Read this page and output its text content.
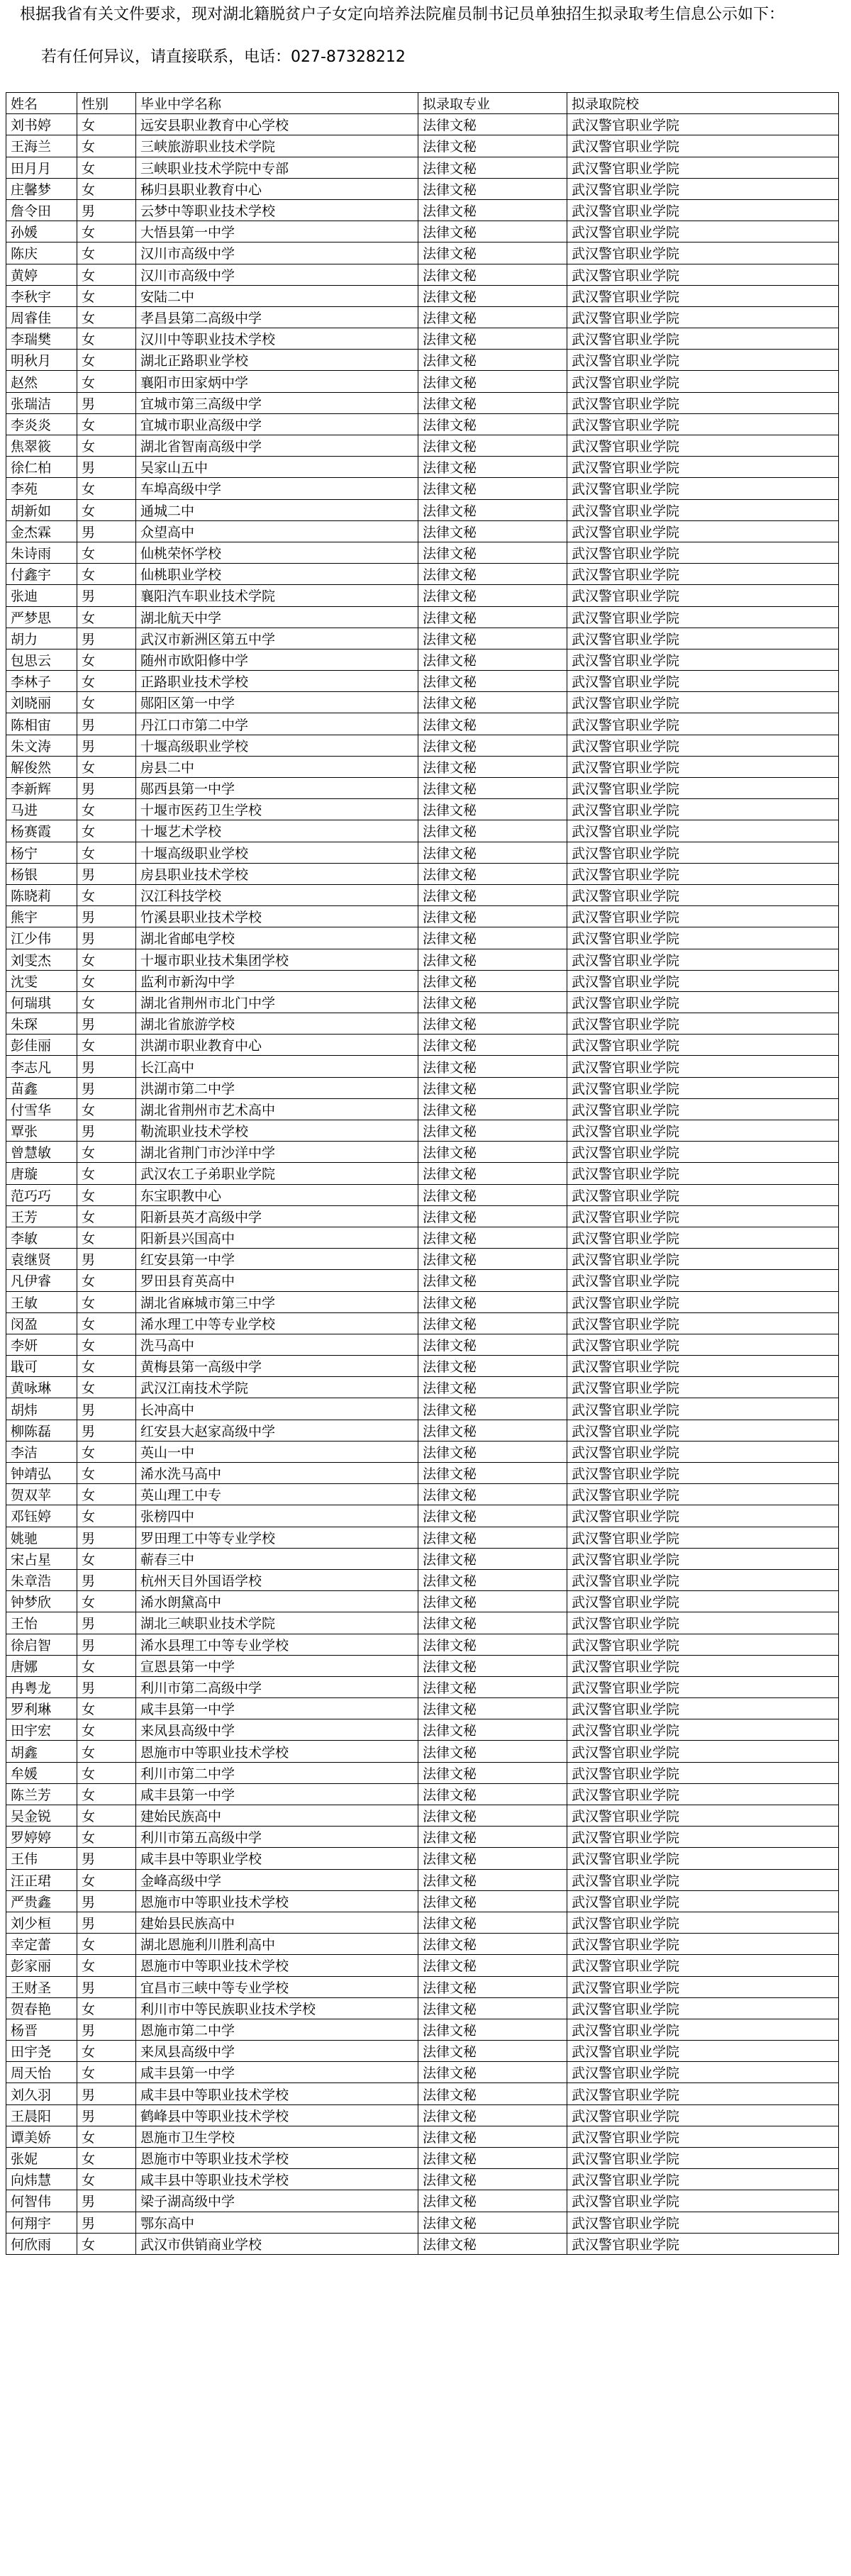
根据我省有关文件要求，现对湖北籍脱贫户子女定向培养法院雇员制书记员单独招生拟录取考生信息公示如下：
若有任何异议，请直接联系，电话：027-87328212
姓名	性别	毕业中学名称	拟录取专业	拟录取院校
刘书婷	女	远安县职业教育中心学校	法律文秘	武汉警官职业学院
王海兰	女	三峡旅游职业技术学院	法律文秘	武汉警官职业学院
田月月	女	三峡职业技术学院中专部	法律文秘	武汉警官职业学院
庄馨梦	女	秭归县职业教育中心	法律文秘	武汉警官职业学院
詹令田	男	云梦中等职业技术学校	法律文秘	武汉警官职业学院
孙媛	女	大悟县第一中学	法律文秘	武汉警官职业学院
陈庆	女	汉川市高级中学	法律文秘	武汉警官职业学院
黄婷	女	汉川市高级中学	法律文秘	武汉警官职业学院
李秋宇	女	安陆二中	法律文秘	武汉警官职业学院
周睿佳	女	孝昌县第二高级中学	法律文秘	武汉警官职业学院
李瑞樊	女	汉川中等职业技术学校	法律文秘	武汉警官职业学院
明秋月	女	湖北正路职业学校	法律文秘	武汉警官职业学院
赵然	女	襄阳市田家炳中学	法律文秘	武汉警官职业学院
张瑞洁	男	宜城市第三高级中学	法律文秘	武汉警官职业学院
李炎炎	女	宜城市职业高级中学	法律文秘	武汉警官职业学院
焦翠筱	女	湖北省智南高级中学	法律文秘	武汉警官职业学院
徐仁柏	男	吴家山五中	法律文秘	武汉警官职业学院
李苑	女	车埠高级中学	法律文秘	武汉警官职业学院
胡新如	女	通城二中	法律文秘	武汉警官职业学院
金杰霖	男	众望高中	法律文秘	武汉警官职业学院
朱诗雨	女	仙桃荣怀学校	法律文秘	武汉警官职业学院
付鑫宇	女	仙桃职业学校	法律文秘	武汉警官职业学院
张迪	男	襄阳汽车职业技术学院	法律文秘	武汉警官职业学院
严梦思	女	湖北航天中学	法律文秘	武汉警官职业学院
胡力	男	武汉市新洲区第五中学	法律文秘	武汉警官职业学院
包思云	女	随州市欧阳修中学	法律文秘	武汉警官职业学院
李林子	女	正路职业技术学校	法律文秘	武汉警官职业学院
刘晓丽	女	郧阳区第一中学	法律文秘	武汉警官职业学院
陈相宙	男	丹江口市第二中学	法律文秘	武汉警官职业学院
朱文涛	男	十堰高级职业学校	法律文秘	武汉警官职业学院
解俊然	女	房县二中	法律文秘	武汉警官职业学院
李新辉	男	郧西县第一中学	法律文秘	武汉警官职业学院
马进	女	十堰市医药卫生学校	法律文秘	武汉警官职业学院
杨赛霞	女	十堰艺术学校	法律文秘	武汉警官职业学院
杨宁	女	十堰高级职业学校	法律文秘	武汉警官职业学院
杨银	男	房县职业技术学校	法律文秘	武汉警官职业学院
陈晓莉	女	汉江科技学校	法律文秘	武汉警官职业学院
熊宇	男	竹溪县职业技术学校	法律文秘	武汉警官职业学院
江少伟	男	湖北省邮电学校	法律文秘	武汉警官职业学院
刘雯杰	女	十堰市职业技术集团学校	法律文秘	武汉警官职业学院
沈雯	女	监利市新沟中学	法律文秘	武汉警官职业学院
何瑞琪	女	湖北省荆州市北门中学	法律文秘	武汉警官职业学院
朱琛	男	湖北省旅游学校	法律文秘	武汉警官职业学院
彭佳丽	女	洪湖市职业教育中心	法律文秘	武汉警官职业学院
李志凡	男	长江高中	法律文秘	武汉警官职业学院
苗鑫	男	洪湖市第二中学	法律文秘	武汉警官职业学院
付雪华	女	湖北省荆州市艺术高中	法律文秘	武汉警官职业学院
覃张	男	勒流职业技术学校	法律文秘	武汉警官职业学院
曾慧敏	女	湖北省荆门市沙洋中学	法律文秘	武汉警官职业学院
唐璇	女	武汉农工子弟职业学院	法律文秘	武汉警官职业学院
范巧巧	女	东宝职教中心	法律文秘	武汉警官职业学院
王芳	女	阳新县英才高级中学	法律文秘	武汉警官职业学院
李敏	女	阳新县兴国高中	法律文秘	武汉警官职业学院
袁继贤	男	红安县第一中学	法律文秘	武汉警官职业学院
凡伊睿	女	罗田县育英高中	法律文秘	武汉警官职业学院
王敏	女	湖北省麻城市第三中学	法律文秘	武汉警官职业学院
闵盈	女	浠水理工中等专业学校	法律文秘	武汉警官职业学院
李妍	女	洗马高中	法律文秘	武汉警官职业学院
戢可	女	黄梅县第一高级中学	法律文秘	武汉警官职业学院
黄咏琳	女	武汉江南技术学院	法律文秘	武汉警官职业学院
胡炜	男	长冲高中	法律文秘	武汉警官职业学院
柳陈磊	男	红安县大赵家高级中学	法律文秘	武汉警官职业学院
李洁	女	英山一中	法律文秘	武汉警官职业学院
钟靖弘	女	浠水洗马高中	法律文秘	武汉警官职业学院
贺双苹	女	英山理工中专	法律文秘	武汉警官职业学院
邓钰婷	女	张榜四中	法律文秘	武汉警官职业学院
姚驰	男	罗田理工中等专业学校	法律文秘	武汉警官职业学院
宋占星	女	蕲春三中	法律文秘	武汉警官职业学院
朱章浩	男	杭州天目外国语学校	法律文秘	武汉警官职业学院
钟梦欣	女	浠水朗黛高中	法律文秘	武汉警官职业学院
王怡	男	湖北三峡职业技术学院	法律文秘	武汉警官职业学院
徐启智	男	浠水县理工中等专业学校	法律文秘	武汉警官职业学院
唐娜	女	宣恩县第一中学	法律文秘	武汉警官职业学院
冉粤龙	男	利川市第二高级中学	法律文秘	武汉警官职业学院
罗利琳	女	咸丰县第一中学	法律文秘	武汉警官职业学院
田宇宏	女	来凤县高级中学	法律文秘	武汉警官职业学院
胡鑫	女	恩施市中等职业技术学校	法律文秘	武汉警官职业学院
牟媛	女	利川市第二中学	法律文秘	武汉警官职业学院
陈兰芳	女	咸丰县第一中学	法律文秘	武汉警官职业学院
吴金锐	女	建始民族高中	法律文秘	武汉警官职业学院
罗婷婷	女	利川市第五高级中学	法律文秘	武汉警官职业学院
王伟	男	咸丰县中等职业学校	法律文秘	武汉警官职业学院
汪正珺	女	金峰高级中学	法律文秘	武汉警官职业学院
严贵鑫	男	恩施市中等职业技术学校	法律文秘	武汉警官职业学院
刘少桓	男	建始县民族高中	法律文秘	武汉警官职业学院
幸定蕾	女	湖北恩施利川胜利高中	法律文秘	武汉警官职业学院
彭家丽	女	恩施市中等职业技术学校	法律文秘	武汉警官职业学院
王财圣	男	宜昌市三峡中等专业学校	法律文秘	武汉警官职业学院
贺春艳	女	利川市中等民族职业技术学校	法律文秘	武汉警官职业学院
杨晋	男	恩施市第二中学	法律文秘	武汉警官职业学院
田宇尧	女	来凤县高级中学	法律文秘	武汉警官职业学院
周天怡	女	咸丰县第一中学	法律文秘	武汉警官职业学院
刘久羽	男	咸丰县中等职业技术学校	法律文秘	武汉警官职业学院
王晨阳	男	鹤峰县中等职业技术学校	法律文秘	武汉警官职业学院
谭美娇	女	恩施市卫生学校	法律文秘	武汉警官职业学院
张妮	女	恩施市中等职业技术学校	法律文秘	武汉警官职业学院
向炜慧	女	咸丰县中等职业技术学校	法律文秘	武汉警官职业学院
何智伟	男	梁子湖高级中学	法律文秘	武汉警官职业学院
何翔宇	男	鄂东高中	法律文秘	武汉警官职业学院
何欣雨	女	武汉市供销商业学校	法律文秘	武汉警官职业学院
